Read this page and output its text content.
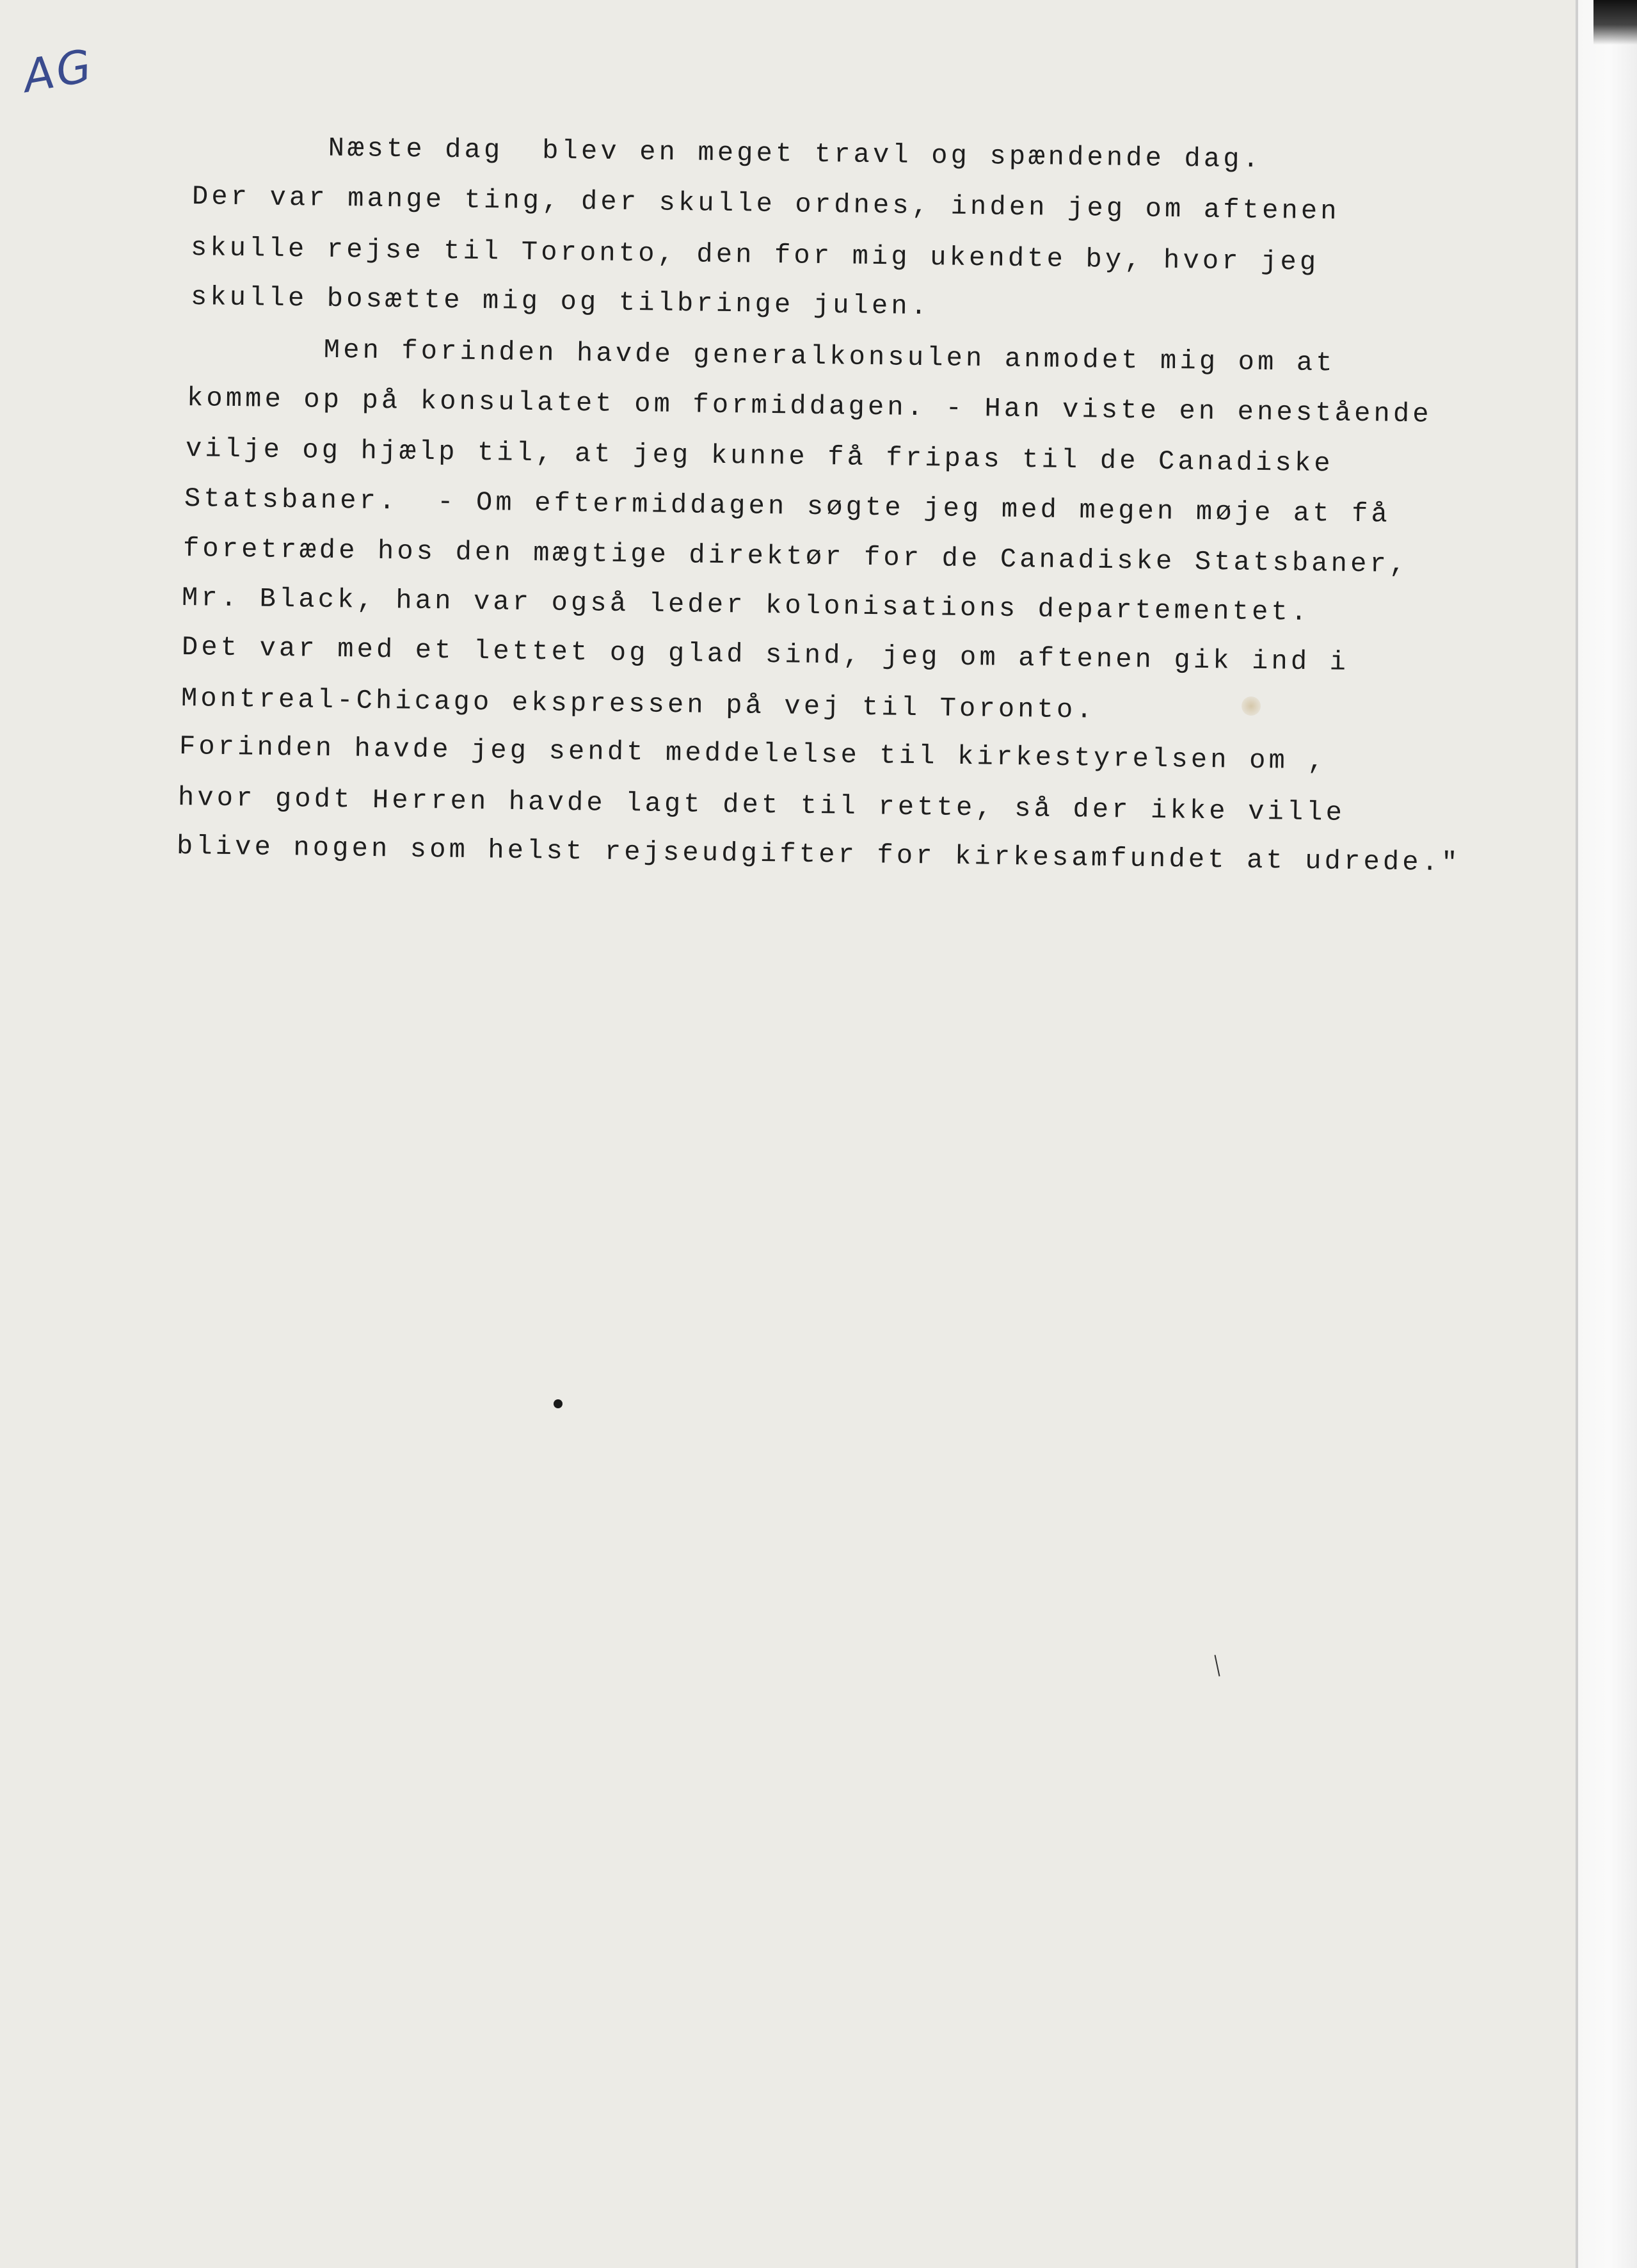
AG
Næste dag  blev en meget travl og spændende dag.
Der var mange ting, der skulle ordnes, inden jeg om aftenen
skulle rejse til Toronto, den for mig ukendte by, hvor jeg
skulle bosætte mig og tilbringe julen.
Men forinden havde generalkonsulen anmodet mig om at
komme op på konsulatet om formiddagen. - Han viste en enestående
vilje og hjælp til, at jeg kunne få fripas til de Canadiske
Statsbaner.  - Om eftermiddagen søgte jeg med megen møje at få
foretræde hos den mægtige direktør for de Canadiske Statsbaner,
Mr. Black, han var også leder kolonisations departementet.
Det var med et lettet og glad sind, jeg om aftenen gik ind i
Montreal-Chicago ekspressen på vej til Toronto.
Forinden havde jeg sendt meddelelse til kirkestyrelsen om ,
hvor godt Herren havde lagt det til rette, så der ikke ville
blive nogen som helst rejseudgifter for kirkesamfundet at udrede."
